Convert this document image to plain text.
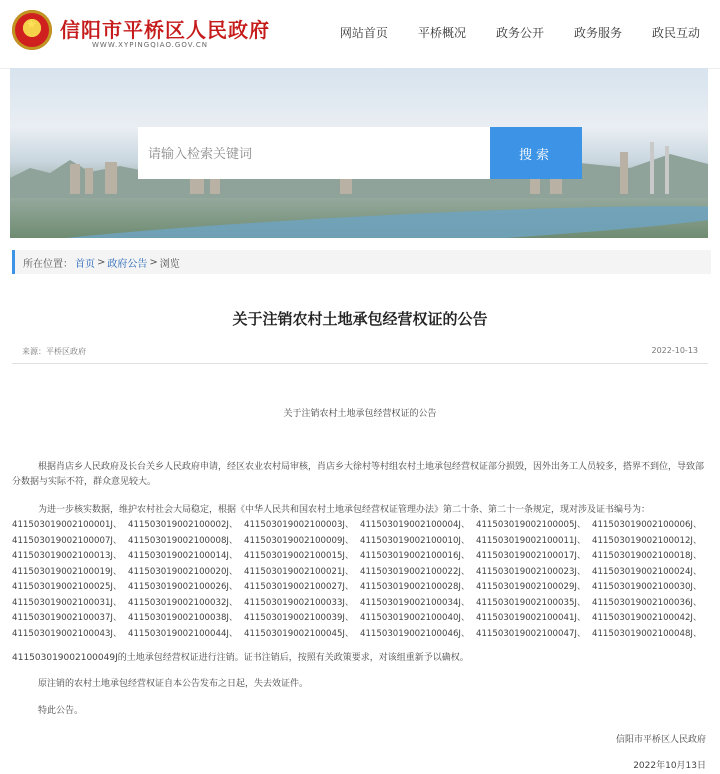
★ 信阳市平桥区人民政府
WWW.XYPINGQIAO.GOV.CN
网站首页	平桥概况	政务公开	政务服务	政民互动
请输入检索关键词
搜索
所在位置： 首页 > 政府公告 > 浏览
关于注销农村土地承包经营权证的公告
来源：平桥区政府	2022-10-13
关于注销农村土地承包经营权证的公告
根据肖店乡人民政府及长台关乡人民政府申请，经区农业农村局审核，肖店乡大徐村等村组农村土地承包经营权证部分损毁，因外出务工人员较多，搭界不到位，导致部分数据与实际不符，群众意见较大。
为进一步核实数据，维护农村社会大局稳定，根据《中华人民共和国农村土地承包经营权证管理办法》第二十条、第二十一条规定，现对涉及证书编号为：
411503019002100001J、 411503019002100002J、 411503019002100003J、 411503019002100004J、 411503019002100005J、 411503019002100006J、
411503019002100007J、 411503019002100008J、 411503019002100009J、 411503019002100010J、 411503019002100011J、 411503019002100012J、
411503019002100013J、 411503019002100014J、 411503019002100015J、 411503019002100016J、 411503019002100017J、 411503019002100018J、
411503019002100019J、 411503019002100020J、 411503019002100021J、 411503019002100022J、 411503019002100023J、 411503019002100024J、
411503019002100025J、 411503019002100026J、 411503019002100027J、 411503019002100028J、 411503019002100029J、 411503019002100030J、
411503019002100031J、 411503019002100032J、 411503019002100033J、 411503019002100034J、 411503019002100035J、 411503019002100036J、
411503019002100037J、 411503019002100038J、 411503019002100039J、 411503019002100040J、 411503019002100041J、 411503019002100042J、
411503019002100043J、 411503019002100044J、 411503019002100045J、 411503019002100046J、 411503019002100047J、 411503019002100048J、
411503019002100049J的土地承包经营权证进行注销。证书注销后，按照有关政策要求，对该组重新予以确权。
原注销的农村土地承包经营权证自本公告发布之日起，失去效证件。
特此公告。
信阳市平桥区人民政府
2022年10月13日
